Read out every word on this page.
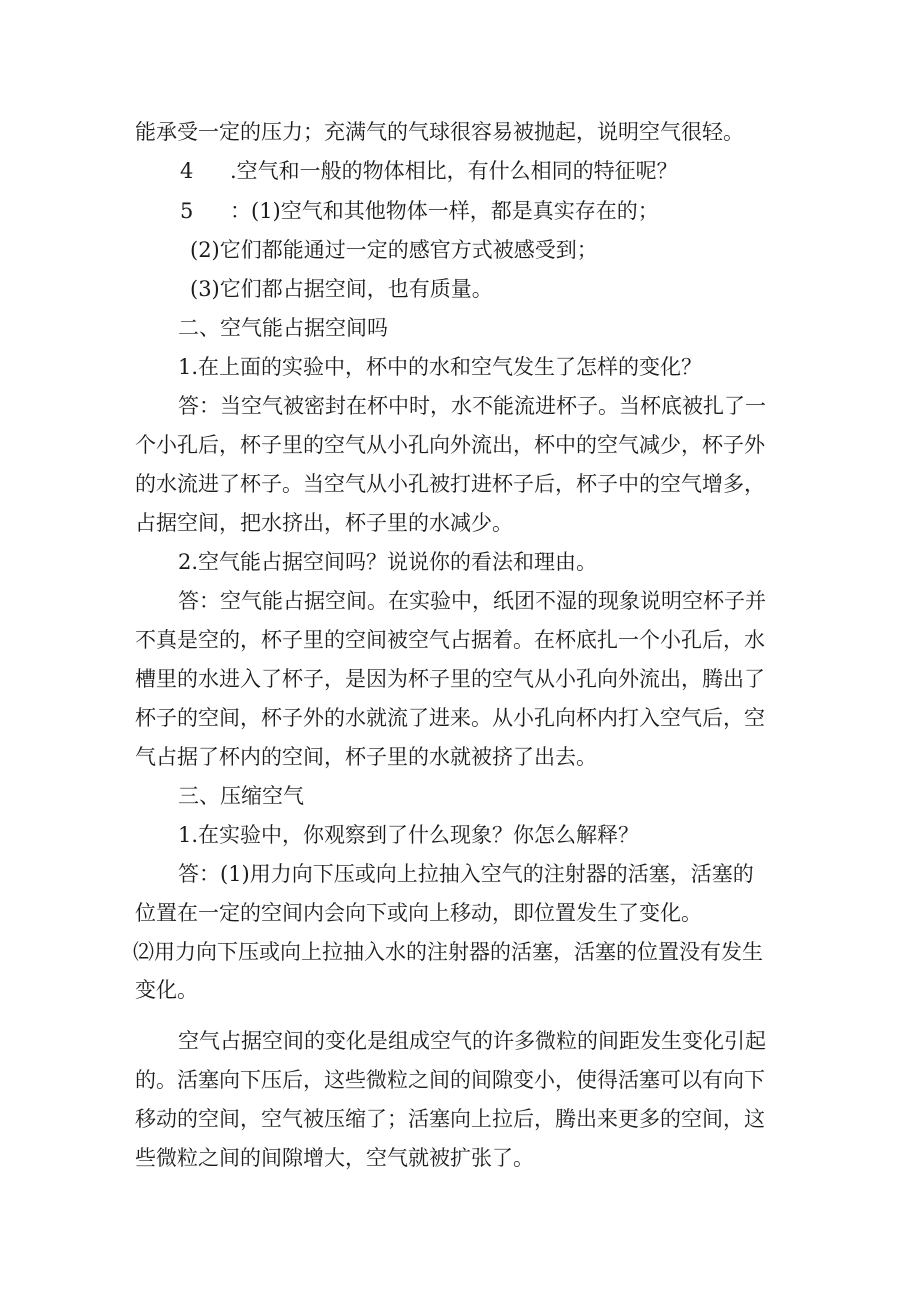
能承受一定的压力；充满气的气球很容易被抛起，说明空气很轻。
4 .空气和一般的物体相比，有什么相同的特征呢？
5 ：(1)空气和其他物体一样，都是真实存在的；
(2)它们都能通过一定的感官方式被感受到；
(3)它们都占据空间，也有质量。
二、空气能占据空间吗
1.在上面的实验中，杯中的水和空气发生了怎样的变化？
答：当空气被密封在杯中时，水不能流进杯子。当杯底被扎了一
个小孔后，杯子里的空气从小孔向外流出，杯中的空气减少，杯子外
的水流进了杯子。当空气从小孔被打进杯子后，杯子中的空气增多，
占据空间，把水挤出，杯子里的水减少。
2.空气能占据空间吗？说说你的看法和理由。
答：空气能占据空间。在实验中，纸团不湿的现象说明空杯子并
不真是空的，杯子里的空间被空气占据着。在杯底扎一个小孔后，水
槽里的水进入了杯子，是因为杯子里的空气从小孔向外流出，腾出了
杯子的空间，杯子外的水就流了进来。从小孔向杯内打入空气后，空
气占据了杯内的空间，杯子里的水就被挤了出去。
三、压缩空气
1.在实验中，你观察到了什么现象？你怎么解释？
答：(1)用力向下压或向上拉抽入空气的注射器的活塞，活塞的
位置在一定的空间内会向下或向上移动，即位置发生了变化。
⑵用力向下压或向上拉抽入水的注射器的活塞，活塞的位置没有发生
变化。
空气占据空间的变化是组成空气的许多微粒的间距发生变化引起
的。活塞向下压后，这些微粒之间的间隙变小，使得活塞可以有向下
移动的空间，空气被压缩了；活塞向上拉后，腾出来更多的空间，这
些微粒之间的间隙增大，空气就被扩张了。
